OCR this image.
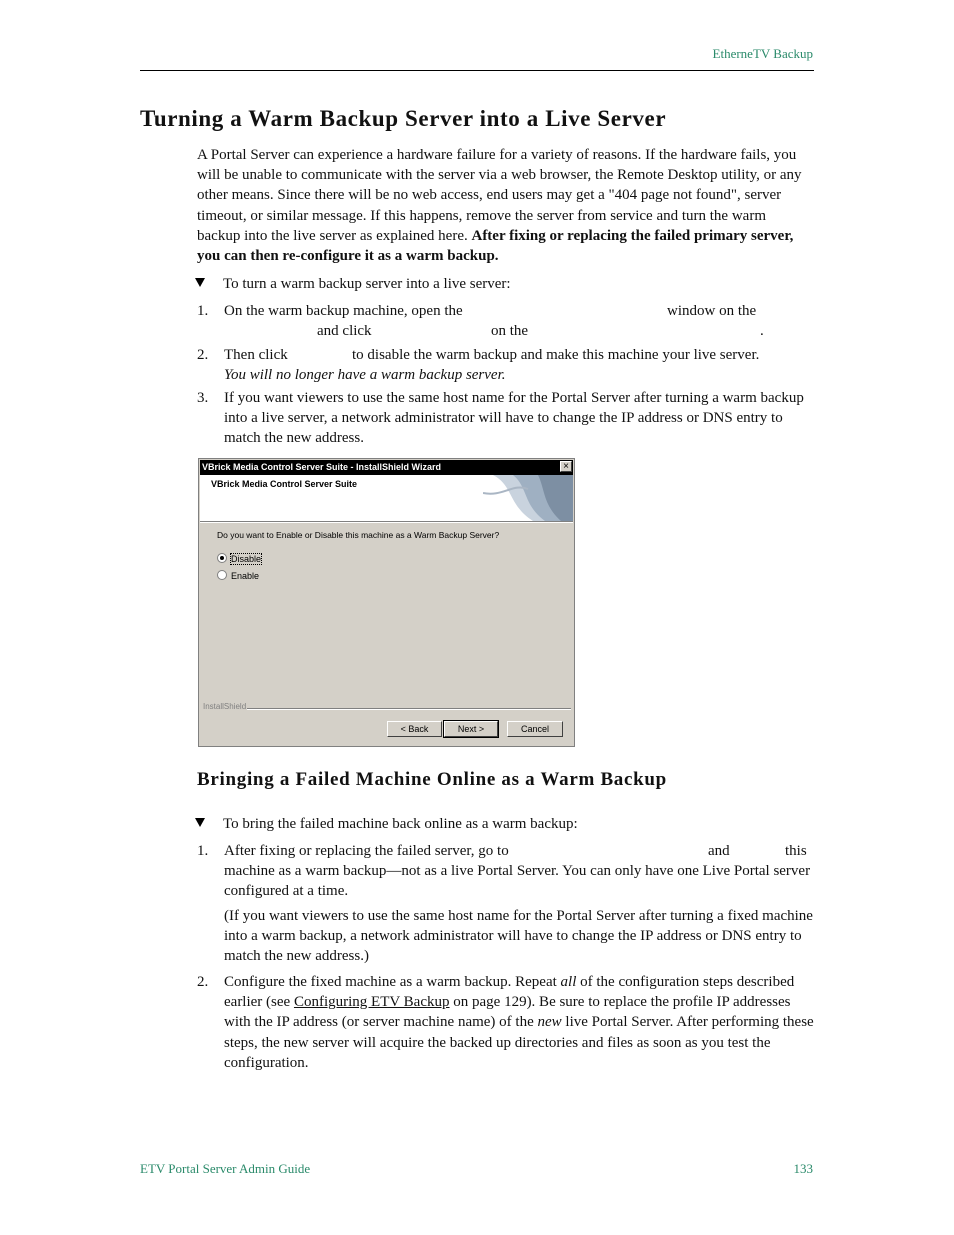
EtherneTV Backup
Turning a Warm Backup Server into a Live Server

A Portal Server can experience a hardware failure for a variety of reasons. If the hardware fails, you will be unable to communicate with the server via a web browser, the Remote Desktop utility, or any other means. Since there will be no web access, end users may get a "404 page not found", server timeout, or similar message. If this happens, remove the server from service and turn the warm backup into the live server as explained here. After fixing or replacing the failed primary server, you can then re-configure it as a warm backup.

To turn a warm backup server into a live server:
1. On the warm backup machine, open the	window on the
and click	on the	.
2. Then click	to disable the warm backup and make this machine your live server.
You will no longer have a warm backup server.
3. If you want viewers to use the same host name for the Portal Server after turning a warm backup into a live server, a network administrator will have to change the IP address or DNS entry to match the new address.

VBrick Media Control Server Suite - InstallShield Wizard	×
VBrick Media Control Server Suite
Do you want to Enable or Disable this machine as a Warm Backup Server?
Disable
Enable
InstallShield
< Back	Next >	Cancel
Bringing a Failed Machine Online as a Warm Backup
To bring the failed machine back online as a warm backup:
1. After fixing or replacing the failed server, go to	and	this

machine as a warm backup—not as a live Portal Server. You can only have one Live Portal server configured at a time.

(If you want viewers to use the same host name for the Portal Server after turning a fixed machine into a warm backup, a network administrator will have to change the IP address or DNS entry to match the new address.)

2. Configure the fixed machine as a warm backup. Repeat all of the configuration steps described earlier (see Configuring ETV Backup on page 129). Be sure to replace the profile IP addresses with the IP address (or server machine name) of the new live Portal Server. After performing these steps, the new server will acquire the backed up directories and files as soon as you test the configuration.

ETV Portal Server Admin Guide	133
